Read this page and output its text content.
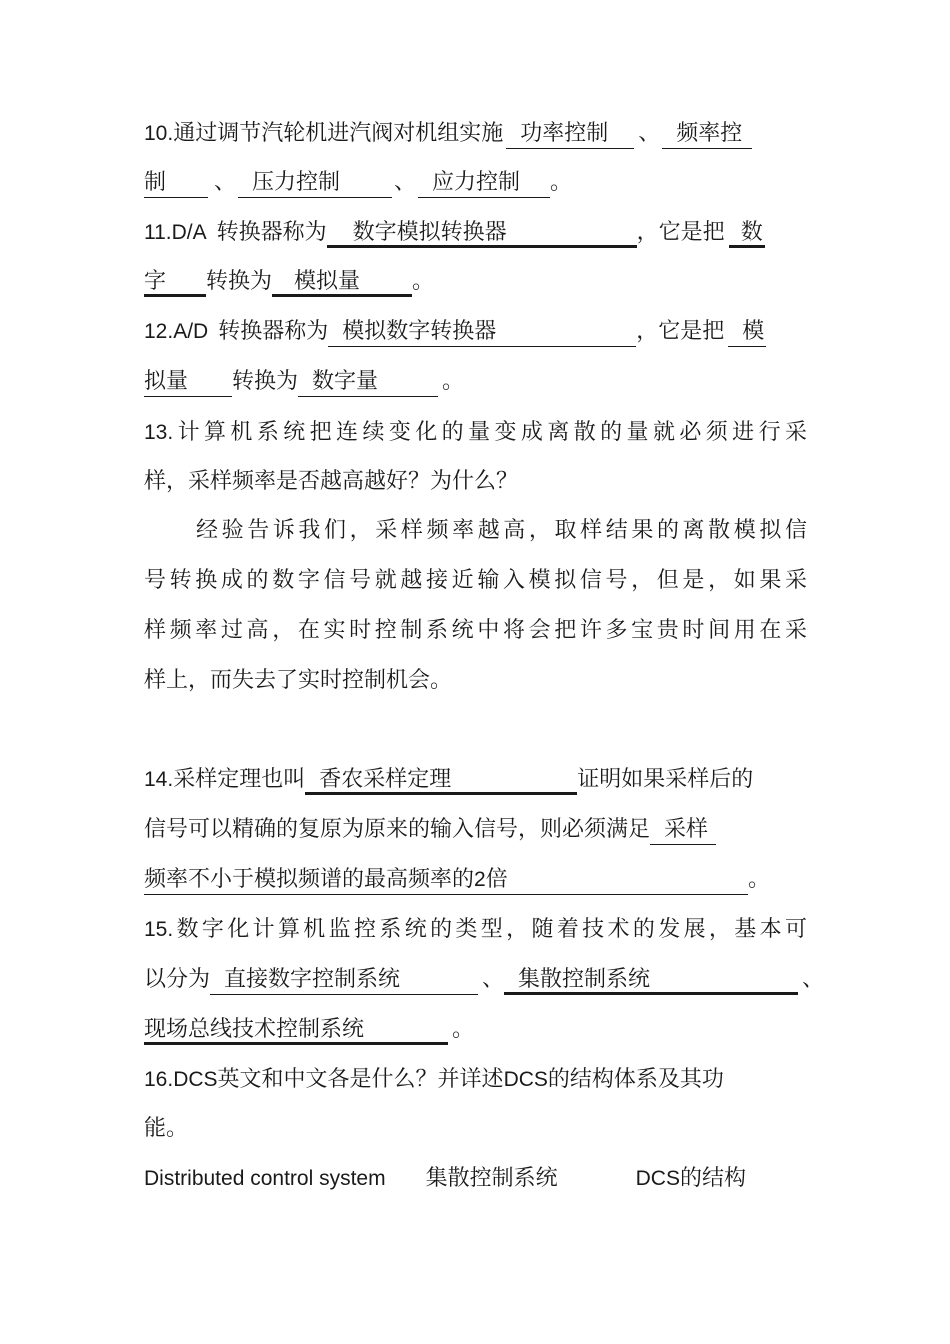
10.通过调节汽轮机进汽阀对机组实施 功率控制 、 频率控
制 、 压力控制 、 应力控制 。
11.D/A 转换器称为 数字模拟转换器	，它是把 数
字 转换为 模拟量 。
12.A/D 转换器称为 模拟数字转换器	，它是把 模
拟量 转换为 数字量	。
13.计算机系统把连续变化的量变成离散的量就必须进行采
样，采样频率是否越高越好？为什么？
经验告诉我们，采样频率越高，取样结果的离散模拟信
号转换成的数字信号就越接近输入模拟信号，但是，如果采
样频率过高，在实时控制系统中将会把许多宝贵时间用在采
样上，而失去了实时控制机会。
14.采样定理也叫 香农采样定理	证明如果采样后的
信号可以精确的复原为原来的输入信号，则必须满足 采样
频率不小于模拟频谱的最高频率的2倍	。
15.数字化计算机监控系统的类型，随着技术的发展，基本可
以分为 直接数字控制系统	、 集散控制系统	、
现场总线技术控制系统	。
16.DCS英文和中文各是什么？并详述DCS的结构体系及其功
能。
Distributed control system 集散控制系统	DCS的结构
